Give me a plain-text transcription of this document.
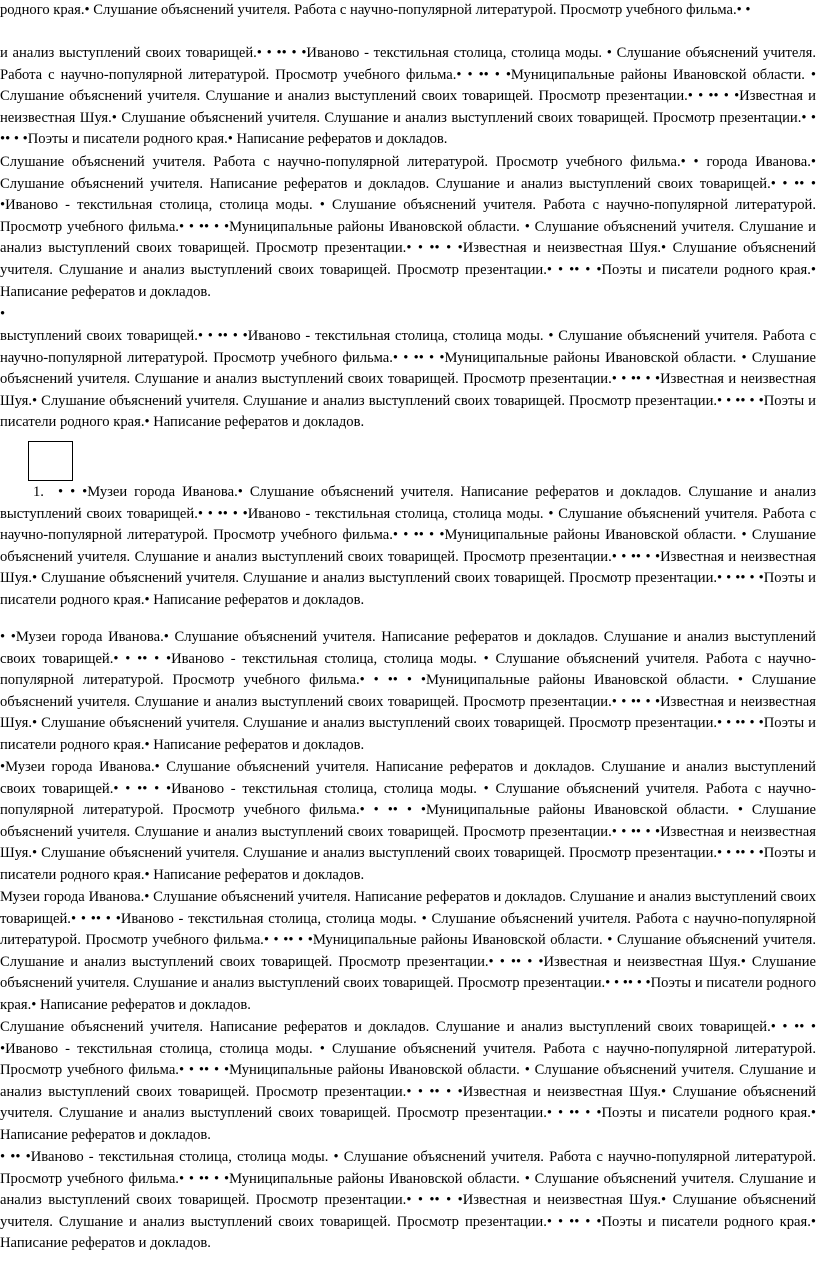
родного края.• Слушание объяснений учителя. Работа с научно-популярной литературой. Просмотр учебного фильма.• •

и анализ выступлений своих товарищей.• • •• • •Иваново - текстильная столица, столица моды. • Слушание объяснений учителя. Работа с научно-популярной литературой. Просмотр учебного фильма.• • •• • •Муниципальные районы Ивановской области. • Слушание объяснений учителя. Слушание и анализ выступлений своих товарищей. Просмотр презентации.• • •• • •Известная и неизвестная Шуя.• Слушание объяснений учителя. Слушание и анализ выступлений своих товарищей. Просмотр презентации.• • •• • •Поэты и писатели родного края.• Написание рефератов и докладов.

Слушание объяснений учителя. Работа с научно-популярной литературой. Просмотр учебного фильма.• • города Иванова.• Слушание объяснений учителя. Написание рефератов и докладов. Слушание и анализ выступлений своих товарищей.• • •• • •Иваново - текстильная столица, столица моды. • Слушание объяснений учителя. Работа с научно-популярной литературой. Просмотр учебного фильма.• • •• • •Муниципальные районы Ивановской области. • Слушание объяснений учителя. Слушание и анализ выступлений своих товарищей. Просмотр презентации.• • •• • •Известная и неизвестная Шуя.• Слушание объяснений учителя. Слушание и анализ выступлений своих товарищей. Просмотр презентации.• • •• • •Поэты и писатели родного края.• Написание рефератов и докладов.

•

выступлений своих товарищей.• • •• • •Иваново - текстильная столица, столица моды. • Слушание объяснений учителя. Работа с научно-популярной литературой. Просмотр учебного фильма.• • •• • •Муниципальные районы Ивановской области. • Слушание объяснений учителя. Слушание и анализ выступлений своих товарищей. Просмотр презентации.• • •• • •Известная и неизвестная Шуя.• Слушание объяснений учителя. Слушание и анализ выступлений своих товарищей. Просмотр презентации.• • •• • •Поэты и писатели родного края.• Написание рефератов и докладов.

1. • • •Музеи города Иванова.• Слушание объяснений учителя. Написание рефератов и докладов. Слушание и анализ выступлений своих товарищей.• • •• • •Иваново - текстильная столица, столица моды. • Слушание объяснений учителя. Работа с научно-популярной литературой. Просмотр учебного фильма.• • •• • •Муниципальные районы Ивановской области. • Слушание объяснений учителя. Слушание и анализ выступлений своих товарищей. Просмотр презентации.• • •• • •Известная и неизвестная Шуя.• Слушание объяснений учителя. Слушание и анализ выступлений своих товарищей. Просмотр презентации.• • •• • •Поэты и писатели родного края.• Написание рефератов и докладов.

• •Музеи города Иванова.• Слушание объяснений учителя. Написание рефератов и докладов. Слушание и анализ выступлений своих товарищей.• • •• • •Иваново - текстильная столица, столица моды. • Слушание объяснений учителя. Работа с научно-популярной литературой. Просмотр учебного фильма.• • •• • •Муниципальные районы Ивановской области. • Слушание объяснений учителя. Слушание и анализ выступлений своих товарищей. Просмотр презентации.• • •• • •Известная и неизвестная Шуя.• Слушание объяснений учителя. Слушание и анализ выступлений своих товарищей. Просмотр презентации.• • •• • •Поэты и писатели родного края.• Написание рефератов и докладов.

•Музеи города Иванова.• Слушание объяснений учителя. Написание рефератов и докладов. Слушание и анализ выступлений своих товарищей.• • •• • •Иваново - текстильная столица, столица моды. • Слушание объяснений учителя. Работа с научно-популярной литературой. Просмотр учебного фильма.• • •• • •Муниципальные районы Ивановской области. • Слушание объяснений учителя. Слушание и анализ выступлений своих товарищей. Просмотр презентации.• • •• • •Известная и неизвестная Шуя.• Слушание объяснений учителя. Слушание и анализ выступлений своих товарищей. Просмотр презентации.• • •• • •Поэты и писатели родного края.• Написание рефератов и докладов.

Музеи города Иванова.• Слушание объяснений учителя. Написание рефератов и докладов. Слушание и анализ выступлений своих товарищей.• • •• • •Иваново - текстильная столица, столица моды. • Слушание объяснений учителя. Работа с научно-популярной литературой. Просмотр учебного фильма.• • •• • •Муниципальные районы Ивановской области. • Слушание объяснений учителя. Слушание и анализ выступлений своих товарищей. Просмотр презентации.• • •• • •Известная и неизвестная Шуя.• Слушание объяснений учителя. Слушание и анализ выступлений своих товарищей. Просмотр презентации.• • •• • •Поэты и писатели родного края.• Написание рефератов и докладов.

Слушание объяснений учителя. Написание рефератов и докладов. Слушание и анализ выступлений своих товарищей.• • •• • •Иваново - текстильная столица, столица моды. • Слушание объяснений учителя. Работа с научно-популярной литературой. Просмотр учебного фильма.• • •• • •Муниципальные районы Ивановской области. • Слушание объяснений учителя. Слушание и анализ выступлений своих товарищей. Просмотр презентации.• • •• • •Известная и неизвестная Шуя.• Слушание объяснений учителя. Слушание и анализ выступлений своих товарищей. Просмотр презентации.• • •• • •Поэты и писатели родного края.• Написание рефератов и докладов.

• •• •Иваново - текстильная столица, столица моды. • Слушание объяснений учителя. Работа с научно-популярной литературой. Просмотр учебного фильма.• • •• • •Муниципальные районы Ивановской области. • Слушание объяснений учителя. Слушание и анализ выступлений своих товарищей. Просмотр презентации.• • •• • •Известная и неизвестная Шуя.• Слушание объяснений учителя. Слушание и анализ выступлений своих товарищей. Просмотр презентации.• • •• • •Поэты и писатели родного края.• Написание рефератов и докладов.
